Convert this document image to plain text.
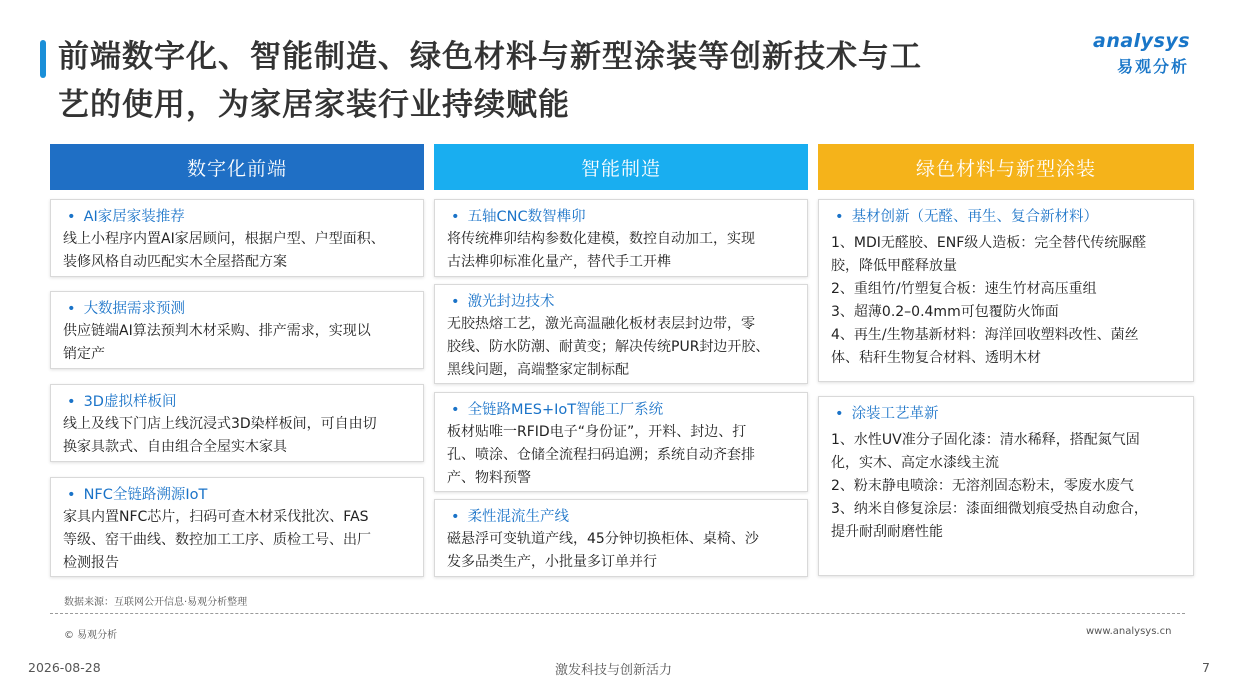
前端数字化、智能制造、绿色材料与新型涂装等创新技术与工
艺的使用，为家居家装行业持续赋能
analysys
易观分析
数字化前端	智能制造	绿色材料与新型涂装
• AI家居家装推荐
线上小程序内置AI家居顾问，根据户型、户型面积、
装修风格自动匹配实木全屋搭配方案
• 大数据需求预测
供应链端AI算法预判木材采购、排产需求，实现以
销定产
• 3D虚拟样板间
线上及线下门店上线沉浸式3D染样板间，可自由切
换家具款式、自由组合全屋实木家具
• NFC全链路溯源IoT
家具内置NFC芯片，扫码可查木材采伐批次、FAS
等级、窑干曲线、数控加工工序、质检工号、出厂
检测报告
• 五轴CNC数智榫卯
将传统榫卯结构参数化建模，数控自动加工，实现
古法榫卯标准化量产，替代手工开榫
• 激光封边技术
无胶热熔工艺，激光高温融化板材表层封边带，零
胶线、防水防潮、耐黄变；解决传统PUR封边开胶、
黑线问题，高端整家定制标配
• 全链路MES+IoT智能工厂系统
板材贴唯一RFID电子“身份证”，开料、封边、打
孔、喷涂、仓储全流程扫码追溯；系统自动齐套排
产、物料预警
• 柔性混流生产线
磁悬浮可变轨道产线，45分钟切换柜体、桌椅、沙
发多品类生产，小批量多订单并行
• 基材创新（无醛、再生、复合新材料）
1、MDI无醛胶、ENF级人造板：完全替代传统脲醛
胶，降低甲醛释放量
2、重组竹/竹塑复合板：速生竹材高压重组
3、超薄0.2–0.4mm可包覆防火饰面
4、再生/生物基新材料：海洋回收塑料改性、菌丝
体、秸秆生物复合材料、透明木材
• 涂装工艺革新
1、水性UV准分子固化漆：清水稀释，搭配氮气固
化，实木、高定水漆线主流
2、粉末静电喷涂：无溶剂固态粉末，零废水废气
3、纳米自修复涂层：漆面细微划痕受热自动愈合，
提升耐刮耐磨性能
数据来源：互联网公开信息·易观分析整理
© 易观分析	www.analysys.cn
2026-08-28	激发科技与创新活力	7
